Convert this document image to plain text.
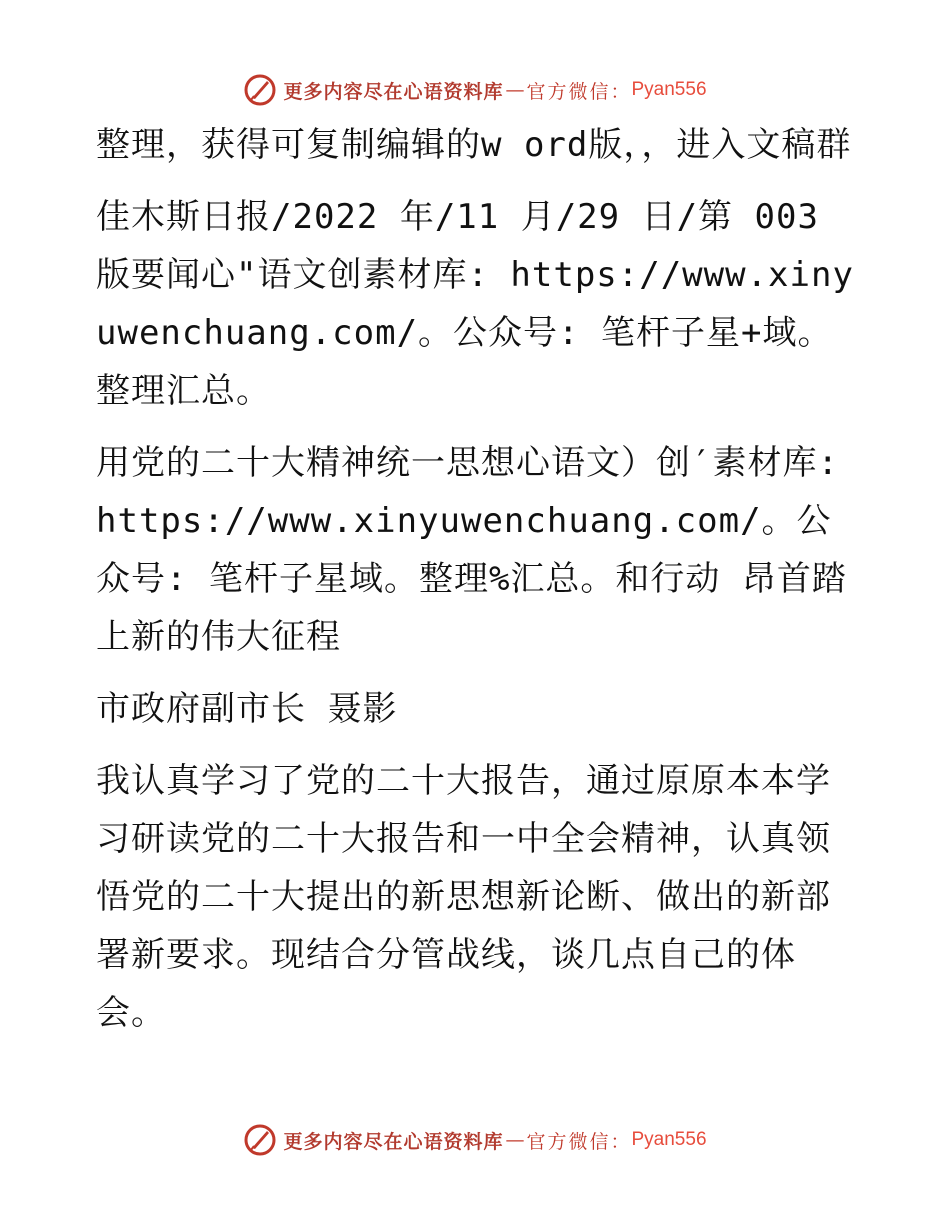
更多内容尽在心语资料库 — 官方微信： Pyan556

整理，获得可复制编辑的w ord版，，进入文稿群

佳木斯日报/2022 年/11 月/29 日/第 003 版要闻心"语文创素材库: https://www.xinyuwenchuang.com/。公众号: 笔杆子星+域。整理汇总。

用党的二十大精神统一思想心语文）创′素材库: https://www.xinyuwenchuang.com/。公众号: 笔杆子星域。整理%汇总。和行动 昂首踏上新的伟大征程

市政府副市长 聂影

我认真学习了党的二十大报告，通过原原本本学习研读党的二十大报告和一中全会精神，认真领悟党的二十大提出的新思想新论断、做出的新部署新要求。现结合分管战线，谈几点自己的体会。

更多内容尽在心语资料库 — 官方微信： Pyan556
